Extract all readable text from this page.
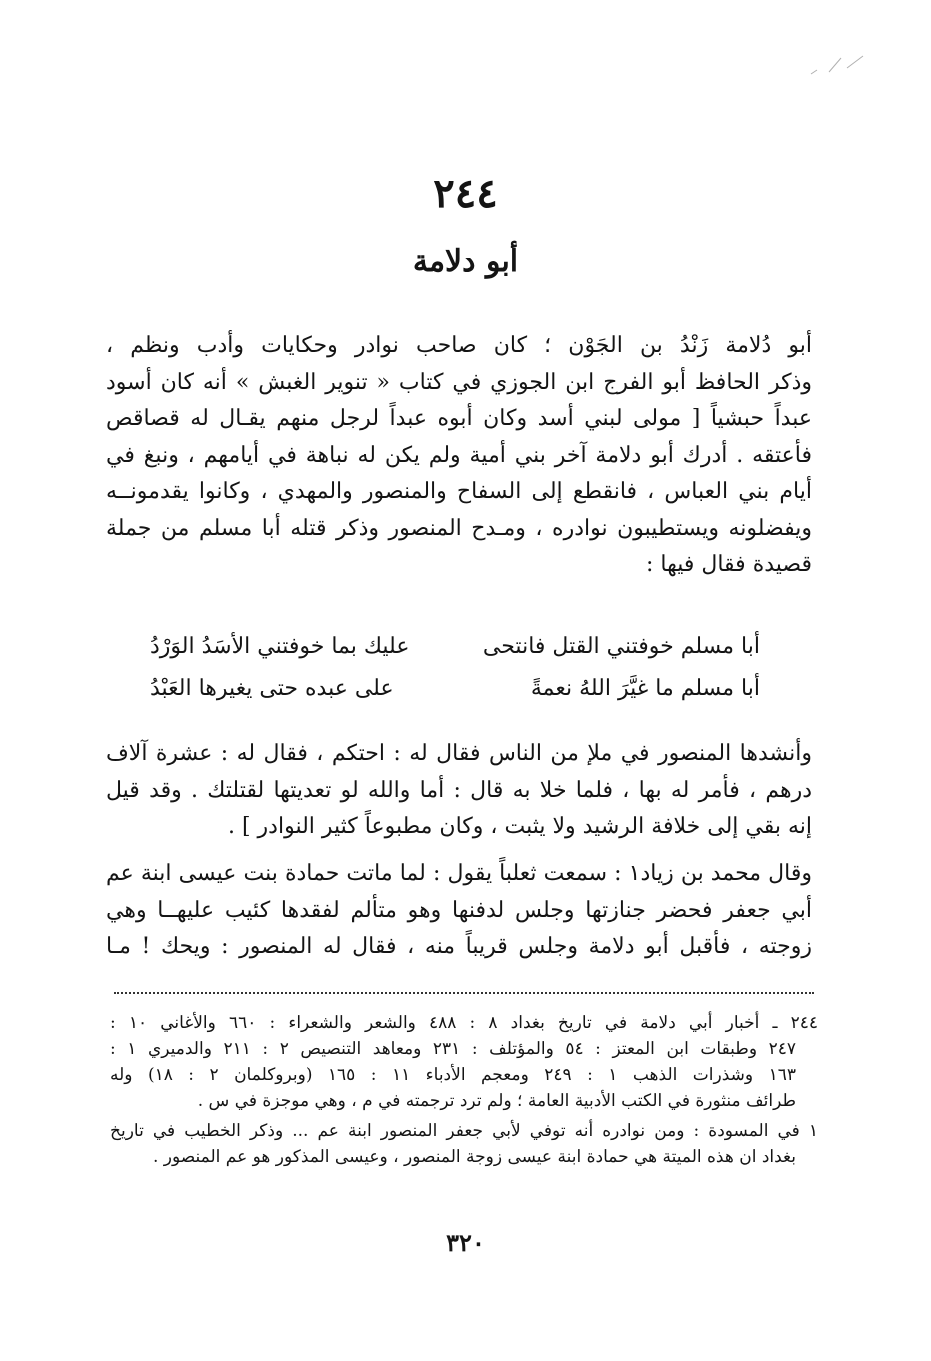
٢٤٤
أبو دلامة
أبو دُلامة زَنْدُ بن الجَوْن ؛ كان صاحب نوادر وحكايات وأدب ونظم ،
وذكر الحافظ أبو الفرج ابن الجوزي في كتاب « تنوير الغبش » أنه كان أسود
عبداً حبشياً [ مولى لبني أسد وكان أبوه عبداً لرجل منهم يقـال له قصاقص
فأعتقه . أدرك أبو دلامة آخر بني أمية ولم يكن له نباهة في أيامهم ، ونبغ في
أيام بني العباس ، فانقطع إلى السفاح والمنصور والمهدي ، وكانوا يقدمونــه
ويفضلونه ويستطيبون نوادره ، ومـدح المنصور وذكر قتله أبا مسلم من جملة
قصيدة فقال فيها :
أبا مسلم خوفتني القتل فانتحى
عليك بما خوفتني الأسَدُ الوَرْدُ
أبا مسلم ما غيَّرَ اللهُ نعمةً
على عبده حتى يغيرها العَبْدُ
وأنشدها المنصور في ملإ من الناس فقال له : احتكم ، فقال له : عشرة آلاف
درهم ، فأمر له بها ، فلما خلا به قال : أما والله لو تعديتها لقتلتك . وقد قيل
إنه بقي إلى خلافة الرشيد ولا يثبت ، وكان مطبوعاً كثير النوادر ] .
وقال محمد بن زياد١ : سمعت ثعلباً يقول : لما ماتت حمادة بنت عيسى ابنة عم
أبي جعفر فحضر جنازتها وجلس لدفنها وهو متألم لفقدها كئيب عليهــا وهي
زوجته ، فأقبل أبو دلامة وجلس قريباً منه ، فقال له المنصور : ويحك ! مـا
٢٤٤ ـ أخبار أبي دلامة في تاريخ بغداد ٨ : ٤٨٨ والشعر والشعراء : ٦٦٠ والأغاني ١٠ :
٢٤٧ وطبقات ابن المعتز : ٥٤ والمؤتلف : ٢٣١ ومعاهد التنصيص ٢ : ٢١١ والدميري ١ :
١٦٣ وشذرات الذهب ١ : ٢٤٩ ومعجم الأدباء ١١ : ١٦٥ (وبروكلمان ٢ : ١٨) وله
طرائف منثورة في الكتب الأدبية العامة ؛ ولم ترد ترجمته في م ، وهي موجزة في س .
١ في المسودة : ومن نوادره أنه توفي لأبي جعفر المنصور ابنة عم ... وذكر الخطيب في تاريخ
بغداد ان هذه الميتة هي حمادة ابنة عيسى زوجة المنصور ، وعيسى المذكور هو عم المنصور .
٣٢٠
